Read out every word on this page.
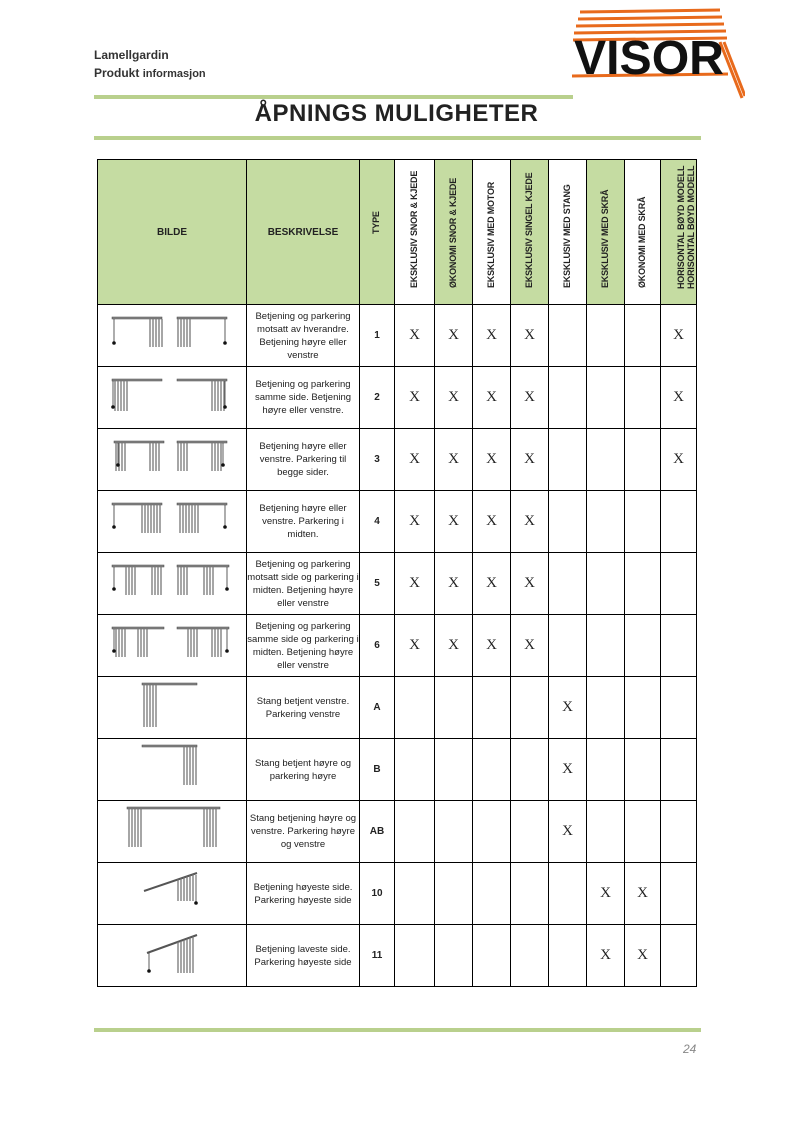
Lamellgardin
Produkt informasjon	VISOR
ÅPNINGS MULIGHETER
BILDE	BESKRIVELSE	TYPE	EKSKLUSIV SNOR & KJEDE	ØKONOMI SNOR & KJEDE	EKSKLUSIV MED MOTOR	EKSKLUSIV SINGEL KJEDE	EKSKLUSIV MED STANG	EKSKLUSIV MED SKRÅ	ØKONOMI MED SKRÅ	HORISONTAL BØYD MODELL HORISONTAL BØYD MODELL

	Betjening og parkering motsatt av hverandre. Betjening høyre eller venstre	1	X	X	X	X				X
	Betjening og parkering samme side. Betjening høyre eller venstre.	2	X	X	X	X				X
	Betjening høyre eller venstre. Parkering til begge sider.	3	X	X	X	X				X
	Betjening høyre eller venstre. Parkering i midten.	4	X	X	X	X				
	Betjening og parkering motsatt side og parkering i midten. Betjening høyre eller venstre	5	X	X	X	X				
	Betjening og parkering samme side og parkering i midten. Betjening høyre eller venstre	6	X	X	X	X				
	Stang betjent venstre. Parkering venstre	A					X			
	Stang betjent høyre og parkering høyre	B					X			
	Stang betjening høyre og venstre. Parkering høyre og venstre	AB					X			
	Betjening høyeste side. Parkering høyeste side	10						X	X	
	Betjening laveste side. Parkering høyeste side	11						X	X	
24
